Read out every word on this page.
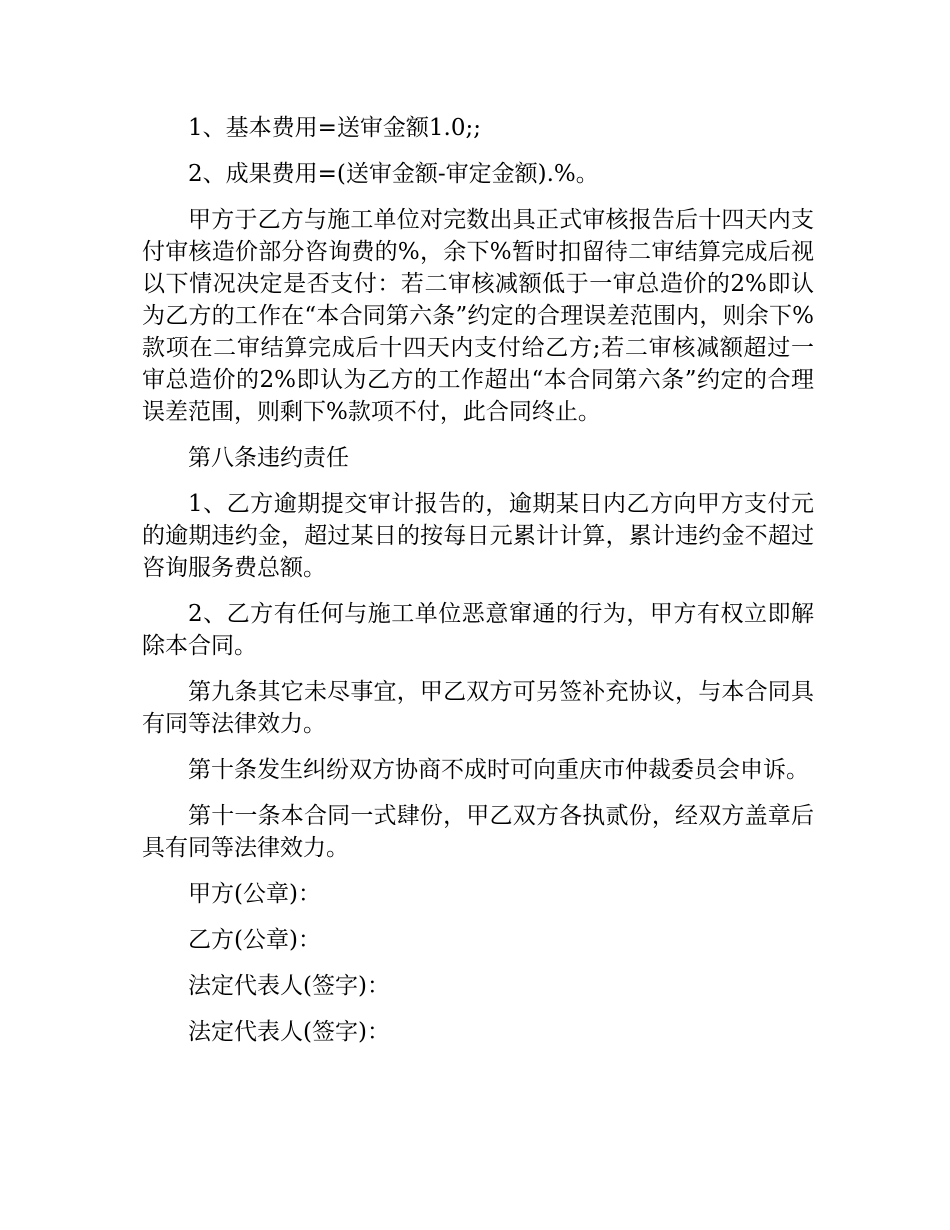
1、基本费用=送审金额1.0;;

2、成果费用=(送审金额-审定金额).%。

甲方于乙方与施工单位对完数出具正式审核报告后十四天内支付审核造价部分咨询费的%，余下%暂时扣留待二审结算完成后视以下情况决定是否支付：若二审核减额低于一审总造价的2%即认为乙方的工作在“本合同第六条”约定的合理误差范围内，则余下%款项在二审结算完成后十四天内支付给乙方;若二审核减额超过一审总造价的2%即认为乙方的工作超出“本合同第六条”约定的合理误差范围，则剩下%款项不付，此合同终止。

第八条违约责任

1、乙方逾期提交审计报告的，逾期某日内乙方向甲方支付元的逾期违约金，超过某日的按每日元累计计算，累计违约金不超过咨询服务费总额。

2、乙方有任何与施工单位恶意窜通的行为，甲方有权立即解除本合同。

第九条其它未尽事宜，甲乙双方可另签补充协议，与本合同具有同等法律效力。

第十条发生纠纷双方协商不成时可向重庆市仲裁委员会申诉。

第十一条本合同一式肆份，甲乙双方各执贰份，经双方盖章后具有同等法律效力。

甲方(公章)：
乙方(公章)：
法定代表人(签字)：
法定代表人(签字)：
